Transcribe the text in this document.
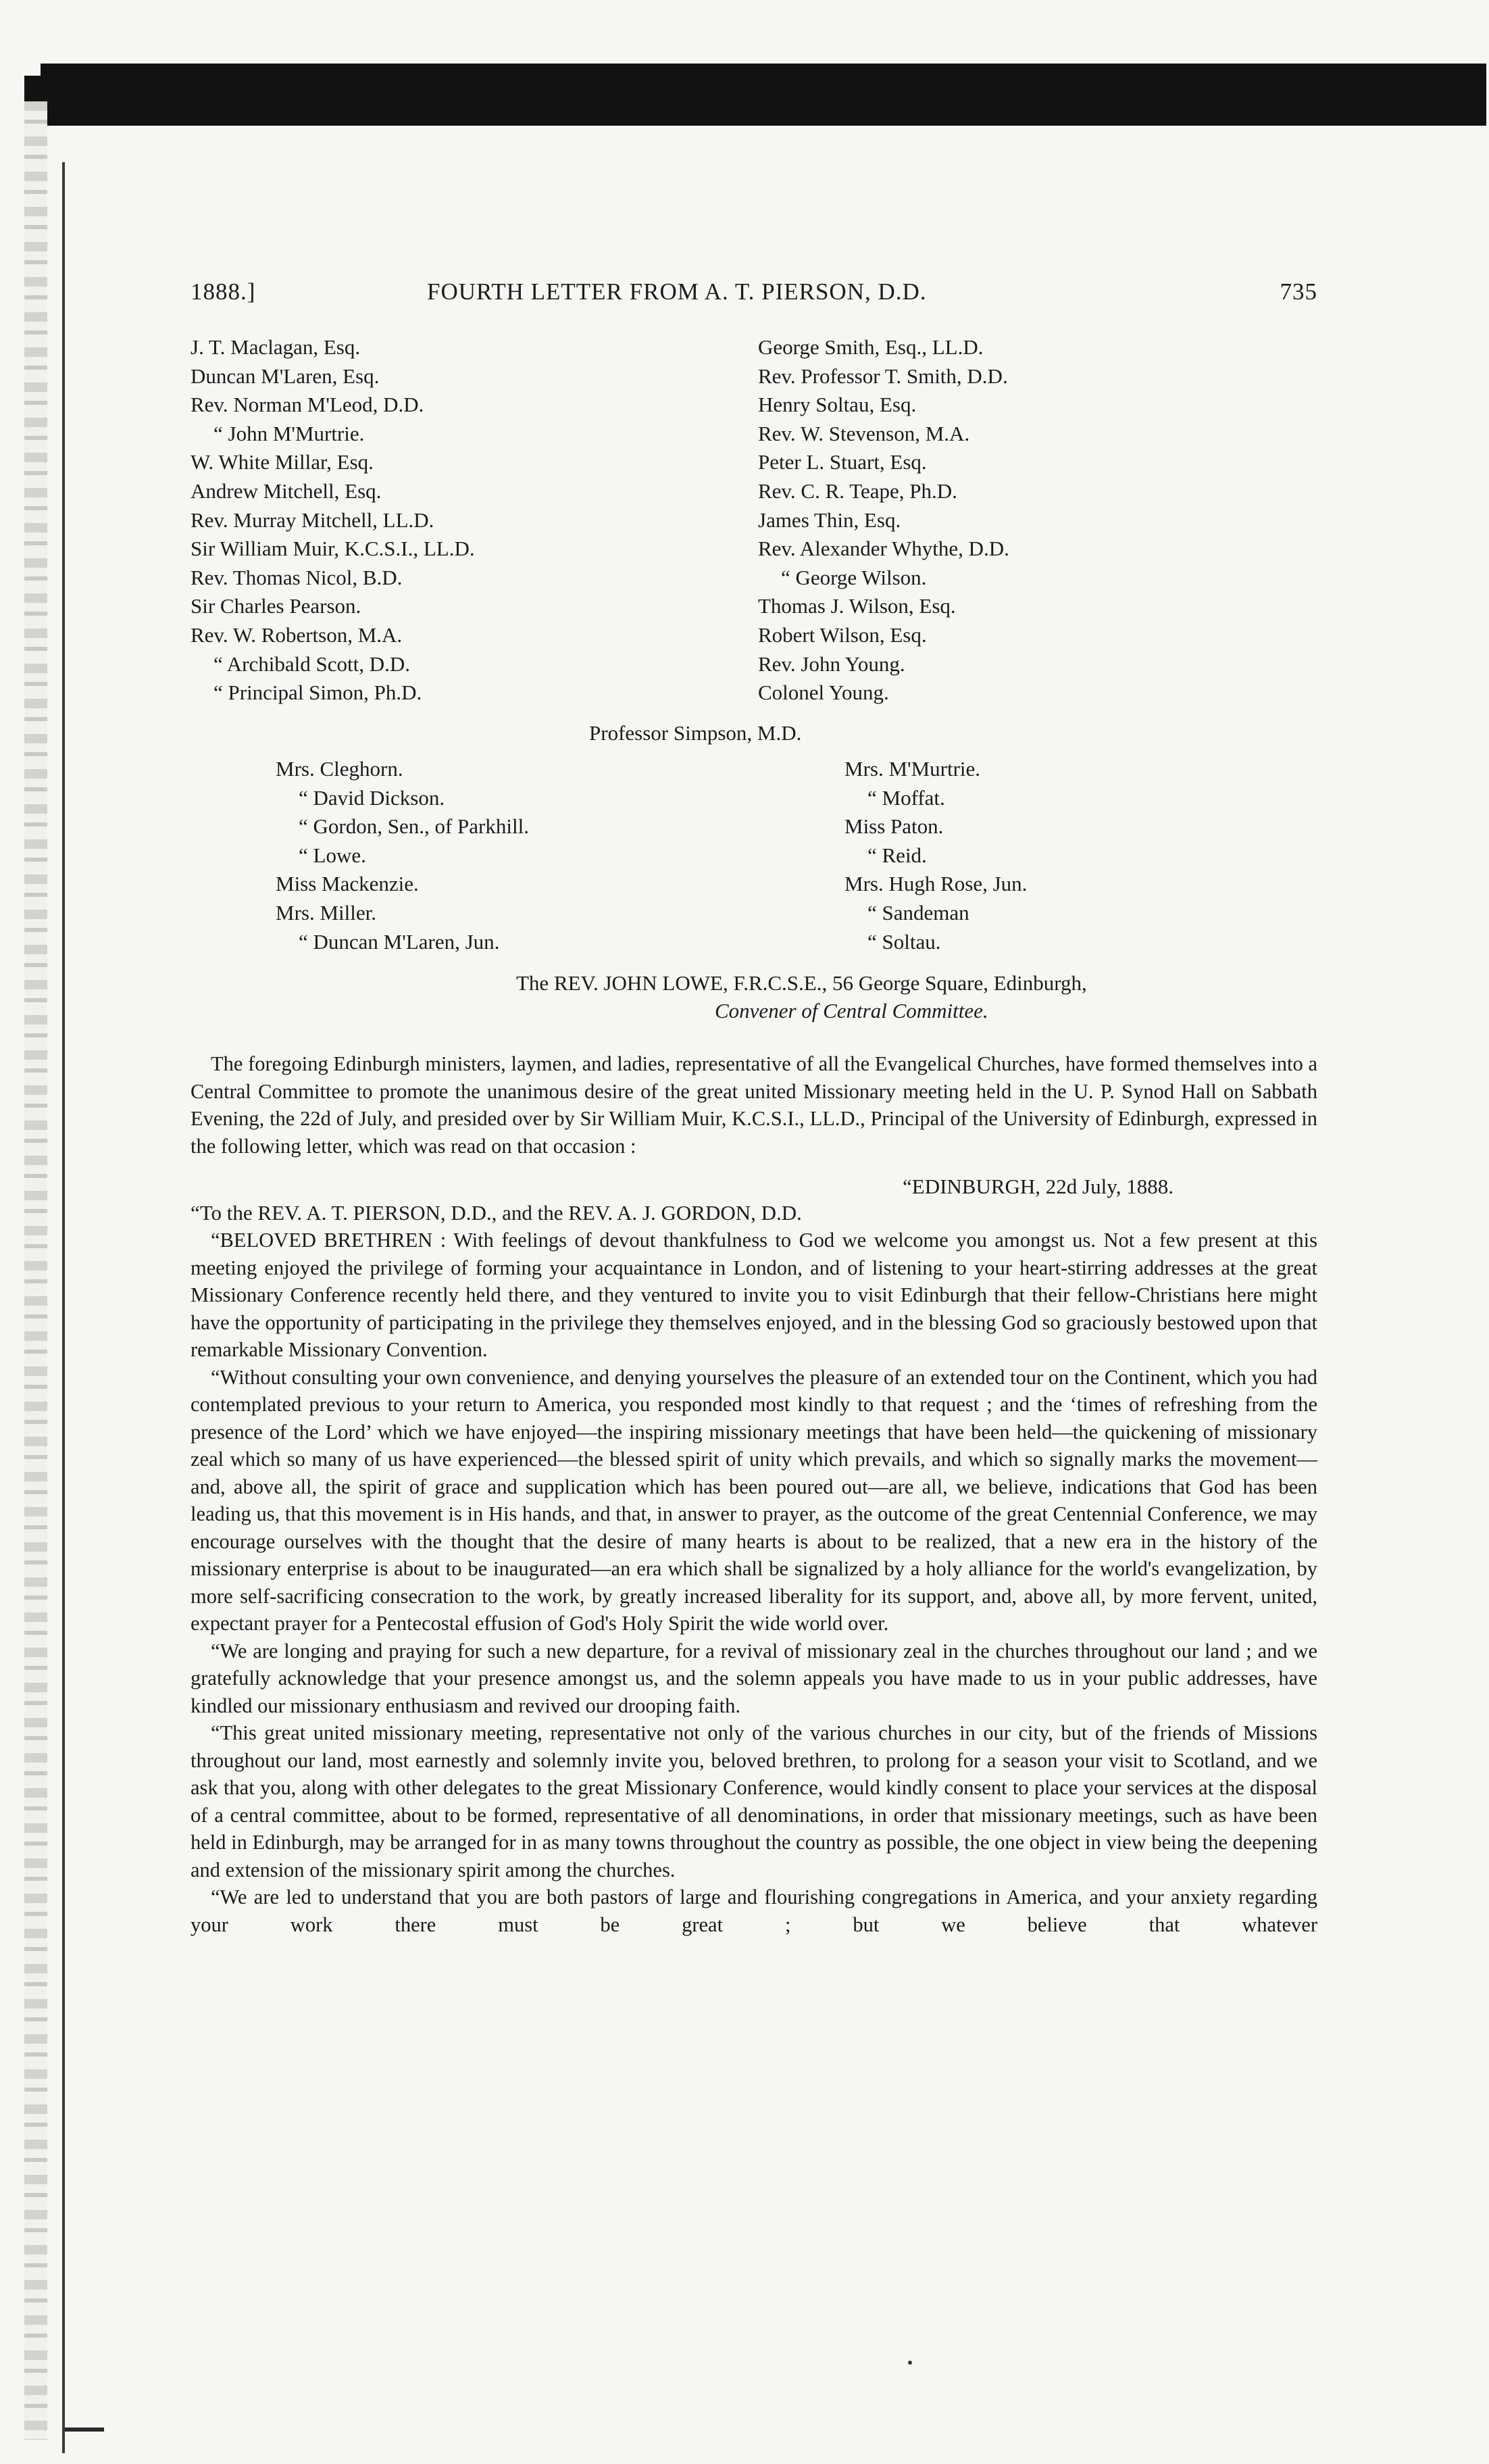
1888.]	FOURTH LETTER FROM A. T. PIERSON, D.D.	735
J. T. Maclagan, Esq.
Duncan M'Laren, Esq.
Rev. Norman M'Leod, D.D.
“ John M'Murtrie.
W. White Millar, Esq.
Andrew Mitchell, Esq.
Rev. Murray Mitchell, LL.D.
Sir William Muir, K.C.S.I., LL.D.
Rev. Thomas Nicol, B.D.
Sir Charles Pearson.
Rev. W. Robertson, M.A.
“ Archibald Scott, D.D.
“ Principal Simon, Ph.D.
George Smith, Esq., LL.D.
Rev. Professor T. Smith, D.D.
Henry Soltau, Esq.
Rev. W. Stevenson, M.A.
Peter L. Stuart, Esq.
Rev. C. R. Teape, Ph.D.
James Thin, Esq.
Rev. Alexander Whythe, D.D.
“ George Wilson.
Thomas J. Wilson, Esq.
Robert Wilson, Esq.
Rev. John Young.
Colonel Young.
Professor Simpson, M.D.
Mrs. Cleghorn.
“ David Dickson.
“ Gordon, Sen., of Parkhill.
“ Lowe.
Miss Mackenzie.
Mrs. Miller.
“ Duncan M'Laren, Jun.
Mrs. M'Murtrie.
“ Moffat.
Miss Paton.
“ Reid.
Mrs. Hugh Rose, Jun.
“ Sandeman
“ Soltau.
The REV. JOHN LOWE, F.R.C.S.E., 56 George Square, Edinburgh,
Convener of Central Committee.
The foregoing Edinburgh ministers, laymen, and ladies, representative of all the Evangelical Churches, have formed themselves into a Central Committee to promote the unanimous desire of the great united Missionary meeting held in the U. P. Synod Hall on Sabbath Evening, the 22d of July, and presided over by Sir William Muir, K.C.S.I., LL.D., Principal of the University of Edinburgh, expressed in the following letter, which was read on that occasion :
“EDINBURGH, 22d July, 1888.
“To the REV. A. T. PIERSON, D.D., and the REV. A. J. GORDON, D.D.

“BELOVED BRETHREN : With feelings of devout thankfulness to God we welcome you amongst us. Not a few present at this meeting enjoyed the privilege of forming your acquaintance in London, and of listening to your heart-stirring addresses at the great Missionary Conference recently held there, and they ventured to invite you to visit Edinburgh that their fellow-Christians here might have the opportunity of participating in the privilege they themselves enjoyed, and in the blessing God so graciously bestowed upon that remarkable Missionary Convention.

“Without consulting your own convenience, and denying yourselves the pleasure of an extended tour on the Continent, which you had contemplated previous to your return to America, you responded most kindly to that request ; and the ‘times of refreshing from the presence of the Lord’ which we have enjoyed—the inspiring missionary meetings that have been held—the quickening of missionary zeal which so many of us have experienced—the blessed spirit of unity which prevails, and which so signally marks the movement—and, above all, the spirit of grace and supplication which has been poured out—are all, we believe, indications that God has been leading us, that this movement is in His hands, and that, in answer to prayer, as the outcome of the great Centennial Conference, we may encourage ourselves with the thought that the desire of many hearts is about to be realized, that a new era in the history of the missionary enterprise is about to be inaugurated—an era which shall be signalized by a holy alliance for the world's evangelization, by more self-sacrificing consecration to the work, by greatly increased liberality for its support, and, above all, by more fervent, united, expectant prayer for a Pentecostal effusion of God's Holy Spirit the wide world over.

“We are longing and praying for such a new departure, for a revival of missionary zeal in the churches throughout our land ; and we gratefully acknowledge that your presence amongst us, and the solemn appeals you have made to us in your public addresses, have kindled our missionary enthusiasm and revived our drooping faith.

“This great united missionary meeting, representative not only of the various churches in our city, but of the friends of Missions throughout our land, most earnestly and solemnly invite you, beloved brethren, to prolong for a season your visit to Scotland, and we ask that you, along with other delegates to the great Missionary Conference, would kindly consent to place your services at the disposal of a central committee, about to be formed, representative of all denominations, in order that missionary meetings, such as have been held in Edinburgh, may be arranged for in as many towns throughout the country as possible, the one object in view being the deepening and extension of the missionary spirit among the churches.

“We are led to understand that you are both pastors of large and flourishing congregations in America, and your anxiety regarding your work there must be great ; but we believe that whatever
